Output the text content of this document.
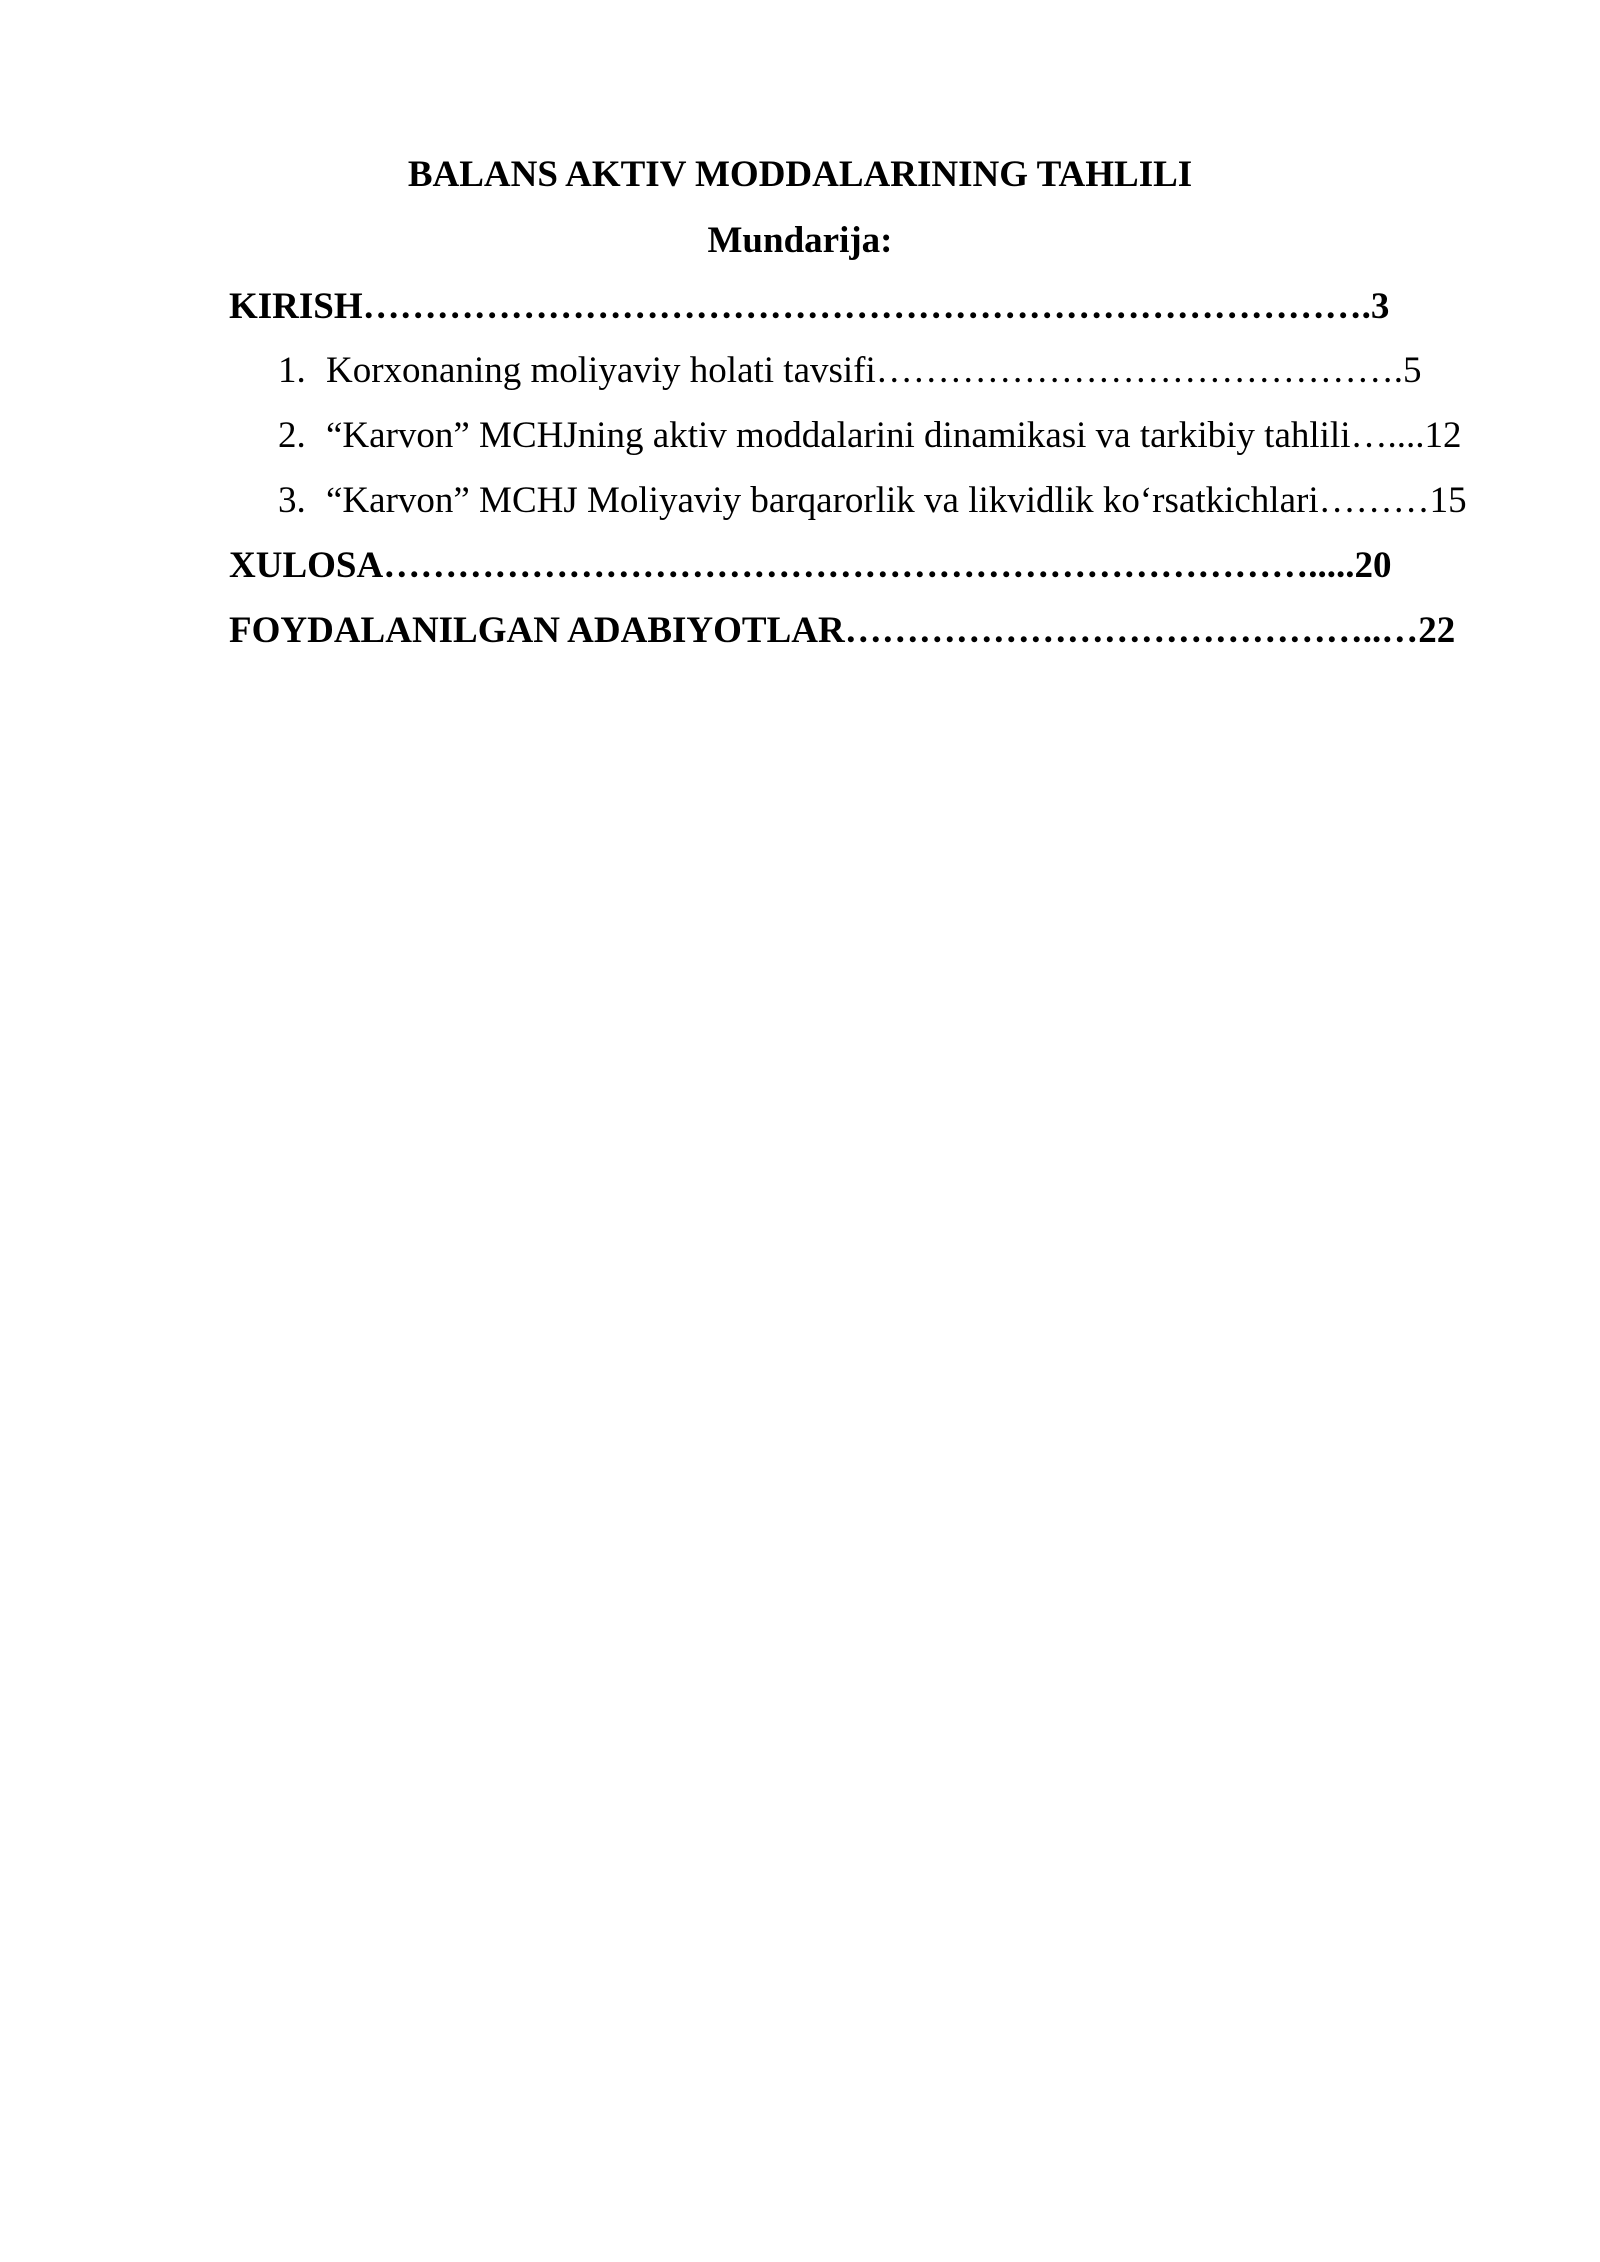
BALANS AKTIV MODDALARINING TAHLILI
Mundarija:
KIRISH……………………………………………………………………….3
1. Korxonaning moliyaviy holati tavsifi…………………………………….5
2. “Karvon” MCHJning aktiv moddalarini dinamikasi va tarkibiy tahlili…....12
3. “Karvon” MCHJ Moliyaviy barqarorlik va likvidlik ko‘rsatkichlari………15
XULOSA………………………………………………………………….....20
FOYDALANILGAN ADABIYOTLAR……………………………………..…22
